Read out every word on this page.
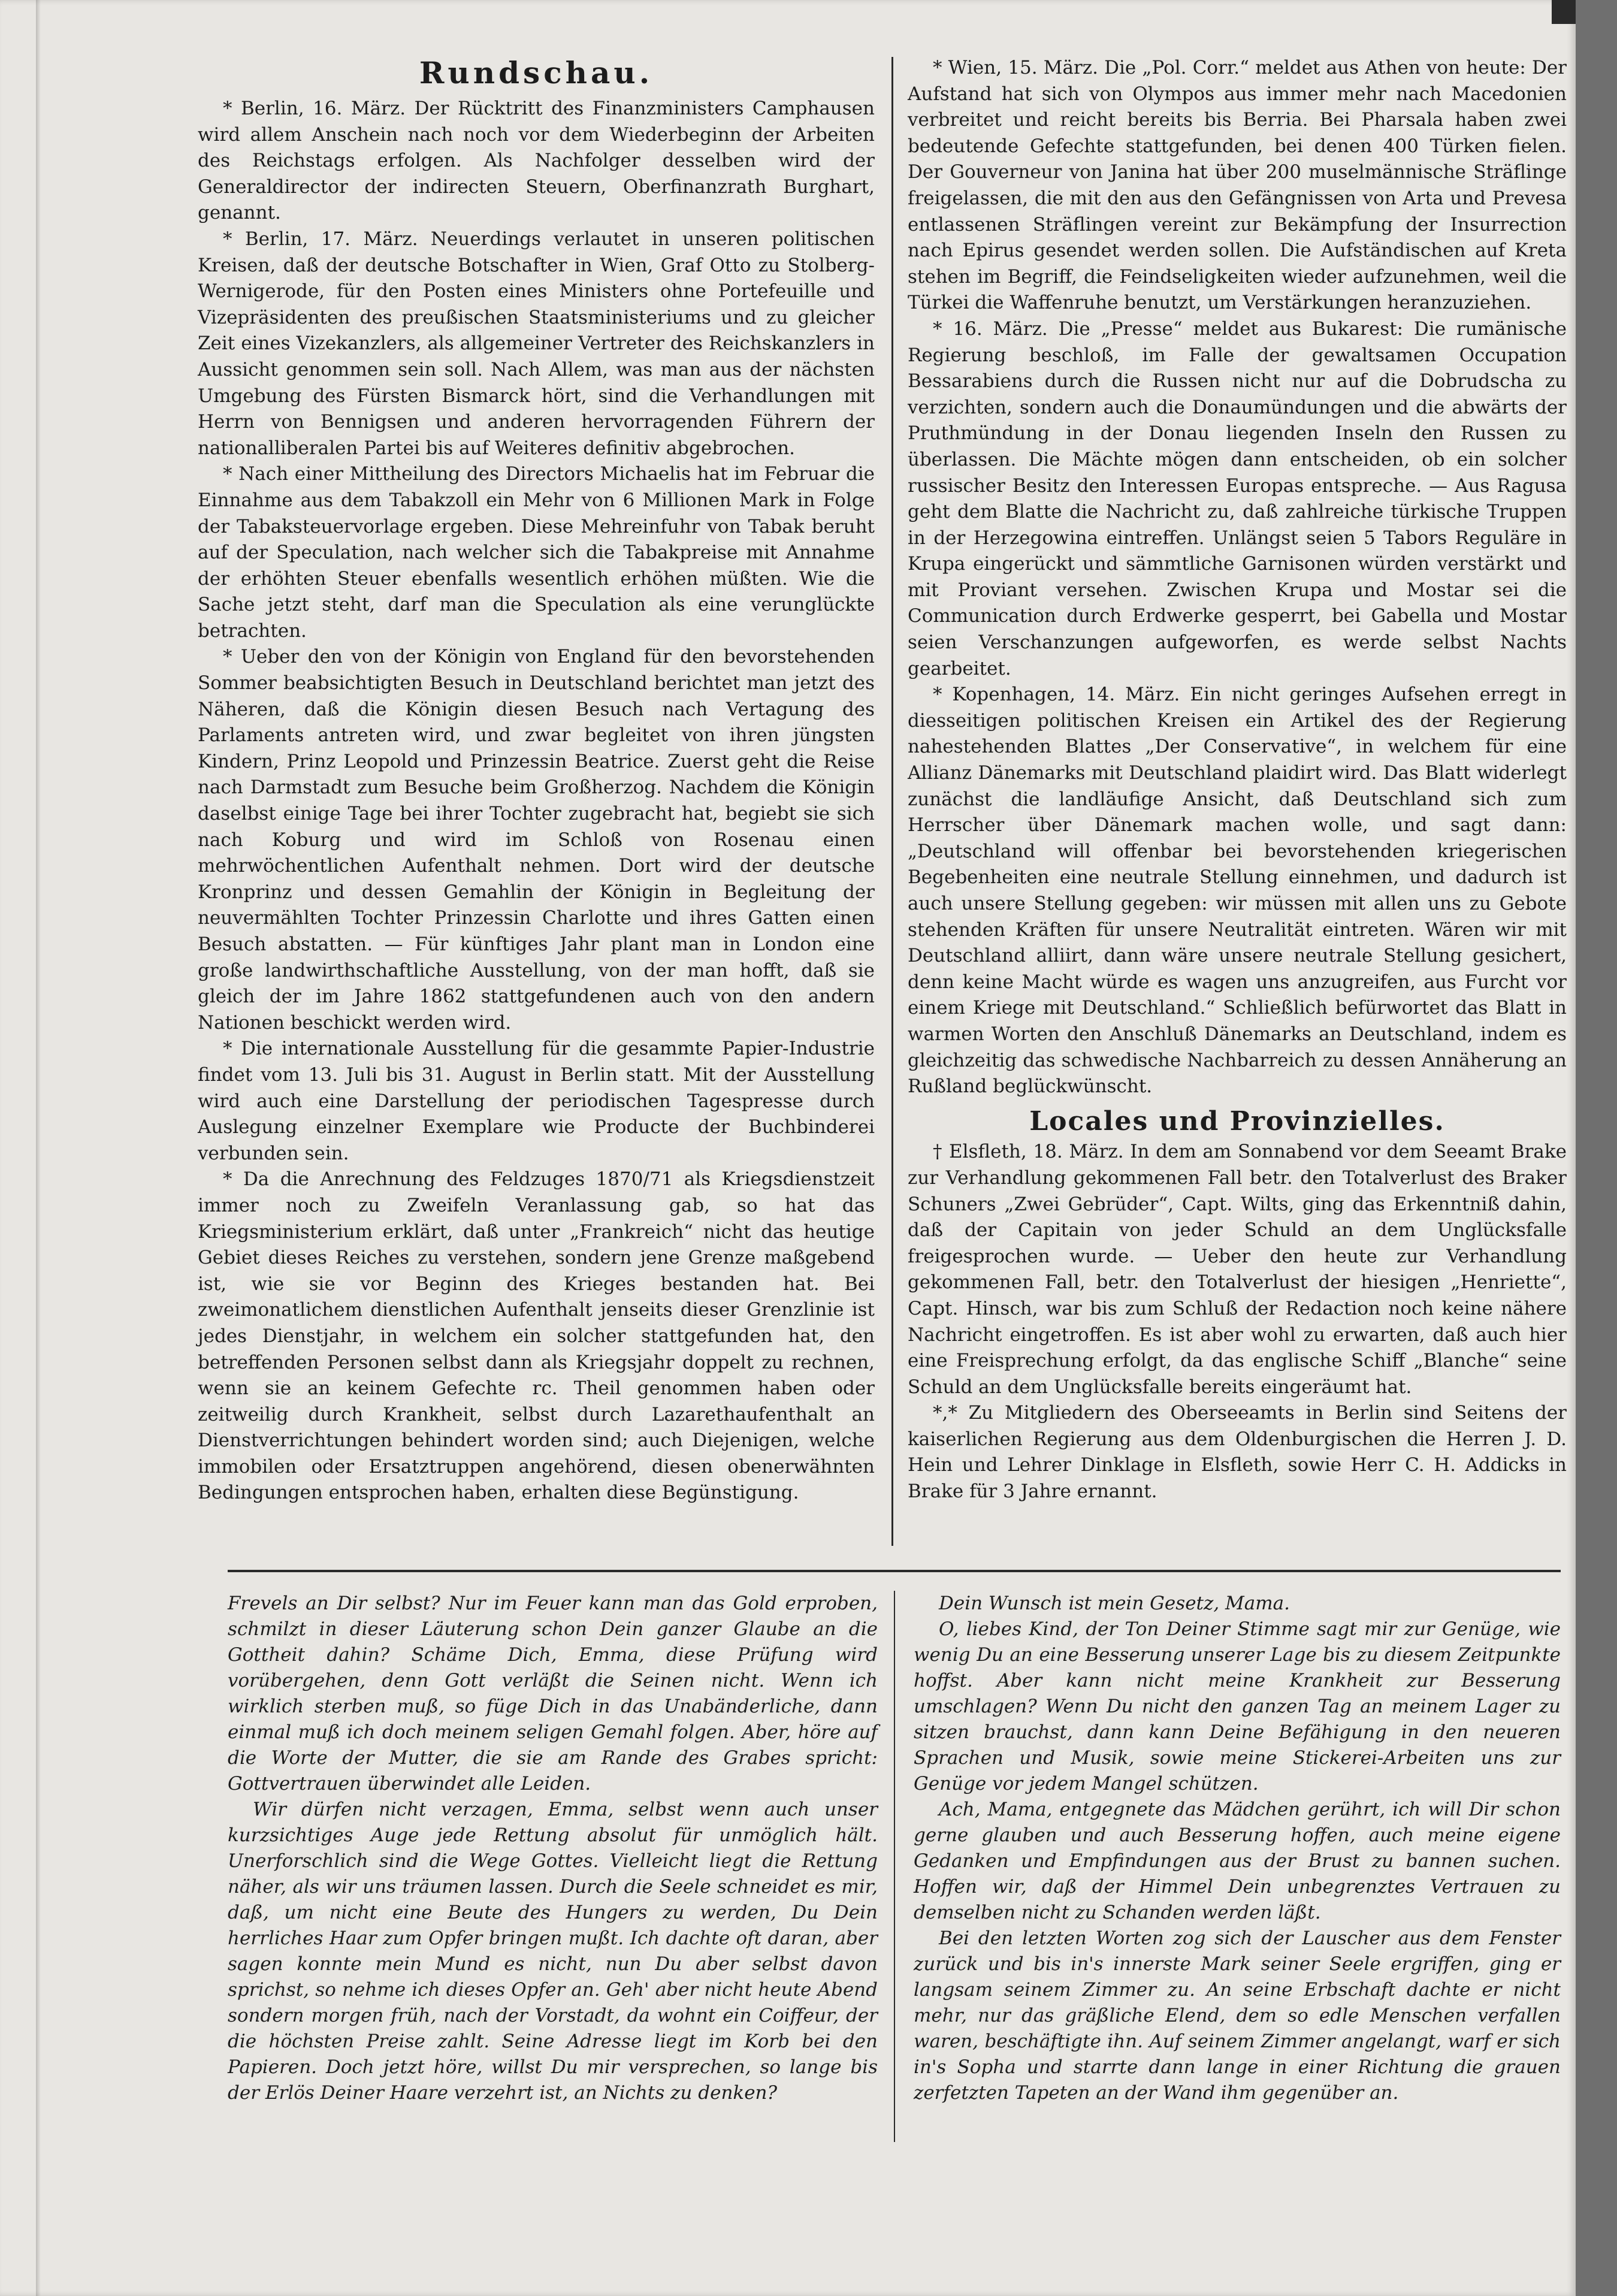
Rundschau.

* Berlin, 16. März. Der Rücktritt des Finanzministers Camphausen wird allem Anschein nach noch vor dem Wiederbeginn der Arbeiten des Reichstags erfolgen. Als Nachfolger desselben wird der Generaldirector der indirecten Steuern, Oberfinanzrath Burghart, genannt.

* Berlin, 17. März. Neuerdings verlautet in unseren politischen Kreisen, daß der deutsche Botschafter in Wien, Graf Otto zu Stolberg-Wernigerode, für den Posten eines Ministers ohne Portefeuille und Vizepräsidenten des preußischen Staatsministeriums und zu gleicher Zeit eines Vizekanzlers, als allgemeiner Vertreter des Reichskanzlers in Aussicht genommen sein soll. Nach Allem, was man aus der nächsten Umgebung des Fürsten Bismarck hört, sind die Verhandlungen mit Herrn von Bennigsen und anderen hervorragenden Führern der nationalliberalen Partei bis auf Weiteres definitiv abgebrochen.

* Nach einer Mittheilung des Directors Michaelis hat im Februar die Einnahme aus dem Tabakzoll ein Mehr von 6 Millionen Mark in Folge der Tabaksteuervorlage ergeben. Diese Mehreinfuhr von Tabak beruht auf der Speculation, nach welcher sich die Tabakpreise mit Annahme der erhöhten Steuer ebenfalls wesentlich erhöhen müßten. Wie die Sache jetzt steht, darf man die Speculation als eine verunglückte betrachten.

* Ueber den von der Königin von England für den bevorstehenden Sommer beabsichtigten Besuch in Deutschland berichtet man jetzt des Näheren, daß die Königin diesen Besuch nach Vertagung des Parlaments antreten wird, und zwar begleitet von ihren jüngsten Kindern, Prinz Leopold und Prinzessin Beatrice. Zuerst geht die Reise nach Darmstadt zum Besuche beim Großherzog. Nachdem die Königin daselbst einige Tage bei ihrer Tochter zugebracht hat, begiebt sie sich nach Koburg und wird im Schloß von Rosenau einen mehrwöchentlichen Aufenthalt nehmen. Dort wird der deutsche Kronprinz und dessen Gemahlin der Königin in Begleitung der neuvermählten Tochter Prinzessin Charlotte und ihres Gatten einen Besuch abstatten. — Für künftiges Jahr plant man in London eine große landwirthschaftliche Ausstellung, von der man hofft, daß sie gleich der im Jahre 1862 stattgefundenen auch von den andern Nationen beschickt werden wird.

* Die internationale Ausstellung für die gesammte Papier-Industrie findet vom 13. Juli bis 31. August in Berlin statt. Mit der Ausstellung wird auch eine Darstellung der periodischen Tagespresse durch Auslegung einzelner Exemplare wie Producte der Buchbinderei verbunden sein.

* Da die Anrechnung des Feldzuges 1870/71 als Kriegsdienstzeit immer noch zu Zweifeln Veranlassung gab, so hat das Kriegsministerium erklärt, daß unter „Frankreich“ nicht das heutige Gebiet dieses Reiches zu verstehen, sondern jene Grenze maßgebend ist, wie sie vor Beginn des Krieges bestanden hat. Bei zweimonatlichem dienstlichen Aufenthalt jenseits dieser Grenzlinie ist jedes Dienstjahr, in welchem ein solcher stattgefunden hat, den betreffenden Personen selbst dann als Kriegsjahr doppelt zu rechnen, wenn sie an keinem Gefechte rc. Theil genommen haben oder zeitweilig durch Krankheit, selbst durch Lazarethaufenthalt an Dienstverrichtungen behindert worden sind; auch Diejenigen, welche immobilen oder Ersatztruppen angehörend, diesen obenerwähnten Bedingungen entsprochen haben, erhalten diese Begünstigung.

* Wien, 15. März. Die „Pol. Corr.“ meldet aus Athen von heute: Der Aufstand hat sich von Olympos aus immer mehr nach Macedonien verbreitet und reicht bereits bis Berria. Bei Pharsala haben zwei bedeutende Gefechte stattgefunden, bei denen 400 Türken fielen. Der Gouverneur von Janina hat über 200 muselmännische Sträflinge freigelassen, die mit den aus den Gefängnissen von Arta und Prevesa entlassenen Sträflingen vereint zur Bekämpfung der Insurrection nach Epirus gesendet werden sollen. Die Aufständischen auf Kreta stehen im Begriff, die Feindseligkeiten wieder aufzunehmen, weil die Türkei die Waffenruhe benutzt, um Verstärkungen heranzuziehen.

* 16. März. Die „Presse“ meldet aus Bukarest: Die rumänische Regierung beschloß, im Falle der gewaltsamen Occupation Bessarabiens durch die Russen nicht nur auf die Dobrudscha zu verzichten, sondern auch die Donaumündungen und die abwärts der Pruthmündung in der Donau liegenden Inseln den Russen zu überlassen. Die Mächte mögen dann entscheiden, ob ein solcher russischer Besitz den Interessen Europas entspreche. — Aus Ragusa geht dem Blatte die Nachricht zu, daß zahlreiche türkische Truppen in der Herzegowina eintreffen. Unlängst seien 5 Tabors Reguläre in Krupa eingerückt und sämmtliche Garnisonen würden verstärkt und mit Proviant versehen. Zwischen Krupa und Mostar sei die Communication durch Erdwerke gesperrt, bei Gabella und Mostar seien Verschanzungen aufgeworfen, es werde selbst Nachts gearbeitet.

* Kopenhagen, 14. März. Ein nicht geringes Aufsehen erregt in diesseitigen politischen Kreisen ein Artikel des der Regierung nahestehenden Blattes „Der Conservative“, in welchem für eine Allianz Dänemarks mit Deutschland plaidirt wird. Das Blatt widerlegt zunächst die landläufige Ansicht, daß Deutschland sich zum Herrscher über Dänemark machen wolle, und sagt dann: „Deutschland will offenbar bei bevorstehenden kriegerischen Begebenheiten eine neutrale Stellung einnehmen, und dadurch ist auch unsere Stellung gegeben: wir müssen mit allen uns zu Gebote stehenden Kräften für unsere Neutralität eintreten. Wären wir mit Deutschland alliirt, dann wäre unsere neutrale Stellung gesichert, denn keine Macht würde es wagen uns anzugreifen, aus Furcht vor einem Kriege mit Deutschland.“ Schließlich befürwortet das Blatt in warmen Worten den Anschluß Dänemarks an Deutschland, indem es gleichzeitig das schwedische Nachbarreich zu dessen Annäherung an Rußland beglückwünscht.

Locales und Provinzielles.

† Elsfleth, 18. März. In dem am Sonnabend vor dem Seeamt Brake zur Verhandlung gekommenen Fall betr. den Totalverlust des Braker Schuners „Zwei Gebrüder“, Capt. Wilts, ging das Erkenntniß dahin, daß der Capitain von jeder Schuld an dem Unglücksfalle freigesprochen wurde. — Ueber den heute zur Verhandlung gekommenen Fall, betr. den Totalverlust der hiesigen „Henriette“, Capt. Hinsch, war bis zum Schluß der Redaction noch keine nähere Nachricht eingetroffen. Es ist aber wohl zu erwarten, daß auch hier eine Freisprechung erfolgt, da das englische Schiff „Blanche“ seine Schuld an dem Unglücksfalle bereits eingeräumt hat.

*,* Zu Mitgliedern des Oberseeamts in Berlin sind Seitens der kaiserlichen Regierung aus dem Oldenburgischen die Herren J. D. Hein und Lehrer Dinklage in Elsfleth, sowie Herr C. H. Addicks in Brake für 3 Jahre ernannt.

Frevels an Dir selbst? Nur im Feuer kann man das Gold erproben, schmilzt in dieser Läuterung schon Dein ganzer Glaube an die Gottheit dahin? Schäme Dich, Emma, diese Prüfung wird vorübergehen, denn Gott verläßt die Seinen nicht. Wenn ich wirklich sterben muß, so füge Dich in das Unabänderliche, dann einmal muß ich doch meinem seligen Gemahl folgen. Aber, höre auf die Worte der Mutter, die sie am Rande des Grabes spricht: Gottvertrauen überwindet alle Leiden.

Wir dürfen nicht verzagen, Emma, selbst wenn auch unser kurzsichtiges Auge jede Rettung absolut für unmöglich hält. Unerforschlich sind die Wege Gottes. Vielleicht liegt die Rettung näher, als wir uns träumen lassen. Durch die Seele schneidet es mir, daß, um nicht eine Beute des Hungers zu werden, Du Dein herrliches Haar zum Opfer bringen mußt. Ich dachte oft daran, aber sagen konnte mein Mund es nicht, nun Du aber selbst davon sprichst, so nehme ich dieses Opfer an. Geh' aber nicht heute Abend sondern morgen früh, nach der Vorstadt, da wohnt ein Coiffeur, der die höchsten Preise zahlt. Seine Adresse liegt im Korb bei den Papieren. Doch jetzt höre, willst Du mir versprechen, so lange bis der Erlös Deiner Haare verzehrt ist, an Nichts zu denken?

Dein Wunsch ist mein Gesetz, Mama.

O, liebes Kind, der Ton Deiner Stimme sagt mir zur Genüge, wie wenig Du an eine Besserung unserer Lage bis zu diesem Zeitpunkte hoffst. Aber kann nicht meine Krankheit zur Besserung umschlagen? Wenn Du nicht den ganzen Tag an meinem Lager zu sitzen brauchst, dann kann Deine Befähigung in den neueren Sprachen und Musik, sowie meine Stickerei-Arbeiten uns zur Genüge vor jedem Mangel schützen.

Ach, Mama, entgegnete das Mädchen gerührt, ich will Dir schon gerne glauben und auch Besserung hoffen, auch meine eigene Gedanken und Empfindungen aus der Brust zu bannen suchen. Hoffen wir, daß der Himmel Dein unbegrenztes Vertrauen zu demselben nicht zu Schanden werden läßt.

Bei den letzten Worten zog sich der Lauscher aus dem Fenster zurück und bis in's innerste Mark seiner Seele ergriffen, ging er langsam seinem Zimmer zu. An seine Erbschaft dachte er nicht mehr, nur das gräßliche Elend, dem so edle Menschen verfallen waren, beschäftigte ihn. Auf seinem Zimmer angelangt, warf er sich in's Sopha und starrte dann lange in einer Richtung die grauen zerfetzten Tapeten an der Wand ihm gegenüber an.
